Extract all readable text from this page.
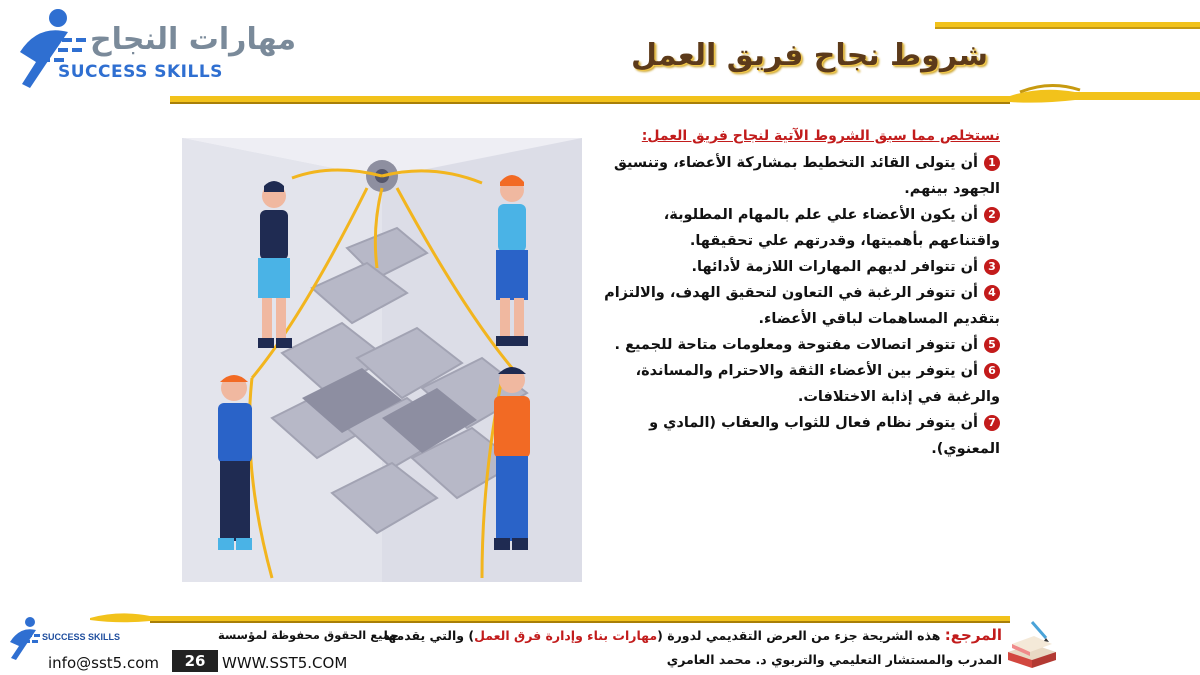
مهارات النجاح
SUCCESS SKILLS	شروط نجاح فريق العمل

نستخلص مما سبق الشروط الآتية لنجاح فريق العمل:

1أن يتولى القائد التخطيط بمشاركة الأعضاء، وتنسيق الجهود بينهم.

2أن يكون الأعضاء علي علم بالمهام المطلوبة، واقتناعهم بأهميتها، وقدرتهم علي تحقيقها.

3أن تتوافر لديهم المهارات اللازمة لأدائها.

4أن تتوفر الرغبة في التعاون لتحقيق الهدف، والالتزام بتقديم المساهمات لباقي الأعضاء.

5أن تتوفر اتصالات مفتوحة ومعلومات متاحة للجميع .

6أن يتوفر بين الأعضاء الثقة والاحترام والمساندة، والرغبة في إذابة الاختلافات.

7أن يتوفر نظام فعال للثواب والعقاب (المادي و المعنوي).

SUCCESS SKILLS	جميع الحقوق محفوظة لمؤسسة
info@sst5.com	26	WWW.SST5.COM
المرجع: هذه الشريحة جزء من العرض التقديمي لدورة (مهارات بناء وإدارة فرق العمل) والتي يقدمها
المدرب والمستشار التعليمي والتربوي د. محمد العامري
